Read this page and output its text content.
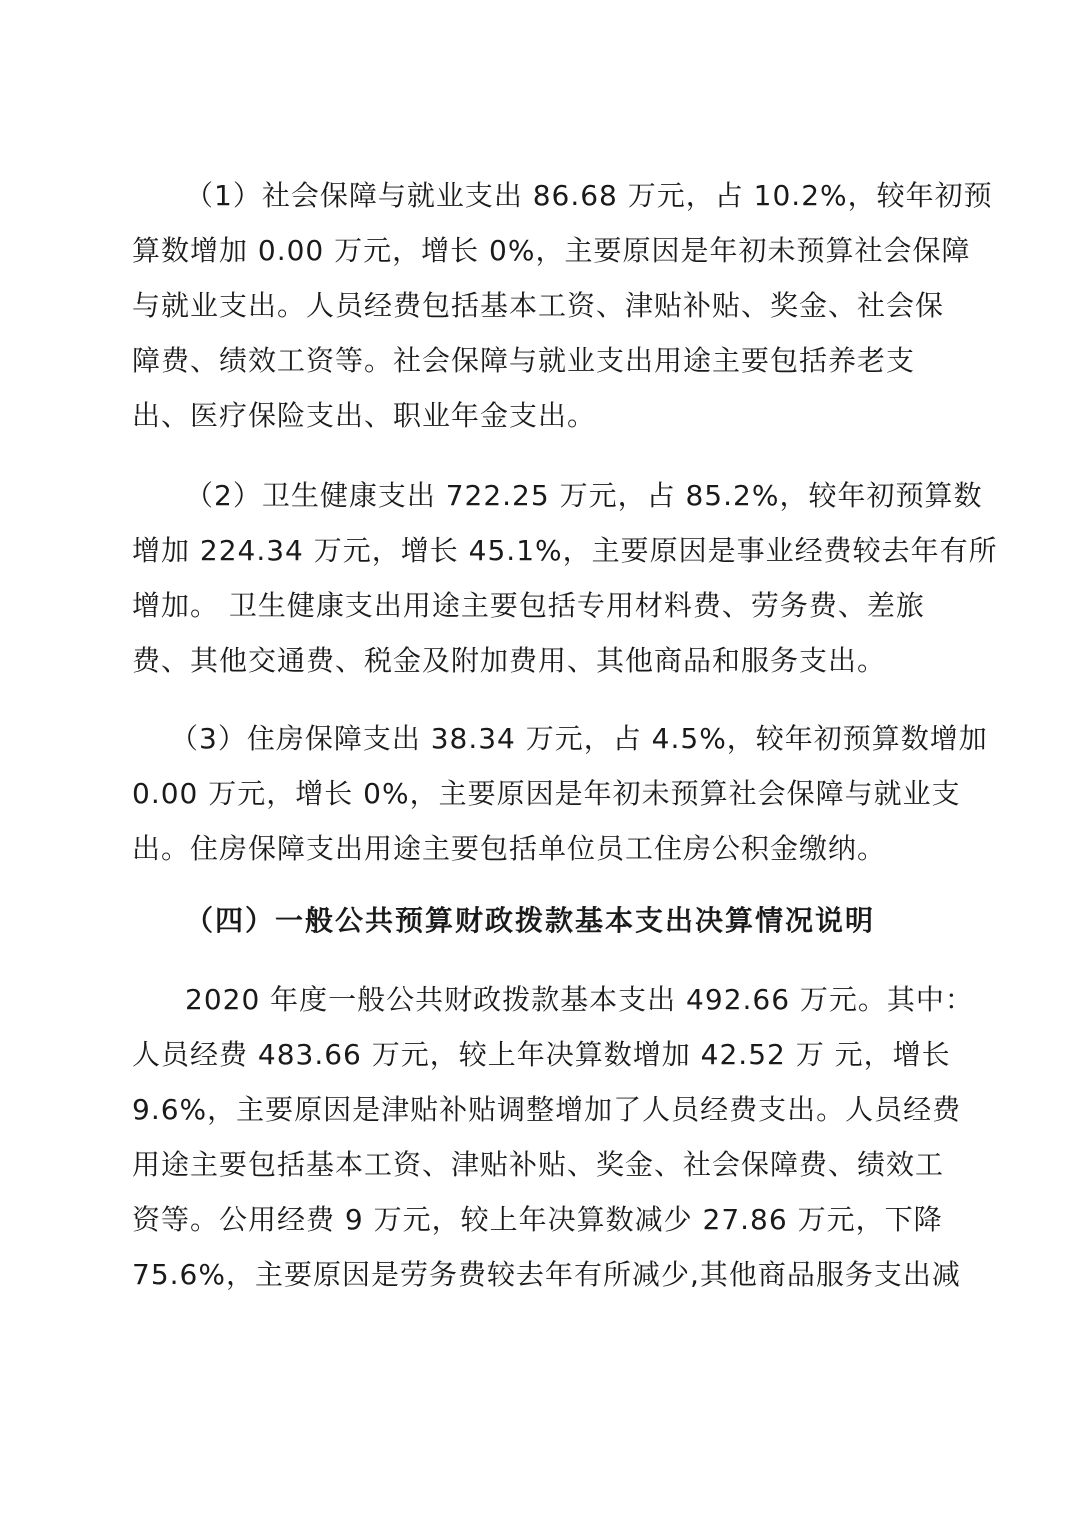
（1）社会保障与就业支出 86.68 万元，占 10.2%，较年初预
算数增加 0.00 万元，增长 0%，主要原因是年初未预算社会保障
与就业支出。人员经费包括基本工资、津贴补贴、奖金、社会保
障费、绩效工资等。社会保障与就业支出用途主要包括养老支
出、医疗保险支出、职业年金支出。
（2）卫生健康支出 722.25 万元，占 85.2%，较年初预算数
增加 224.34 万元，增长 45.1%，主要原因是事业经费较去年有所
增加。 卫生健康支出用途主要包括专用材料费、劳务费、差旅
费、其他交通费、税金及附加费用、其他商品和服务支出。
（3）住房保障支出 38.34 万元，占 4.5%，较年初预算数增加
0.00 万元，增长 0%，主要原因是年初未预算社会保障与就业支
出。住房保障支出用途主要包括单位员工住房公积金缴纳。
（四）一般公共预算财政拨款基本支出决算情况说明
2020 年度一般公共财政拨款基本支出 492.66 万元。其中：
人员经费 483.66 万元，较上年决算数增加 42.52 万 元，增长
9.6%，主要原因是津贴补贴调整增加了人员经费支出。人员经费
用途主要包括基本工资、津贴补贴、奖金、社会保障费、绩效工
资等。公用经费 9 万元，较上年决算数减少 27.86 万元，下降
75.6%，主要原因是劳务费较去年有所减少,其他商品服务支出减
